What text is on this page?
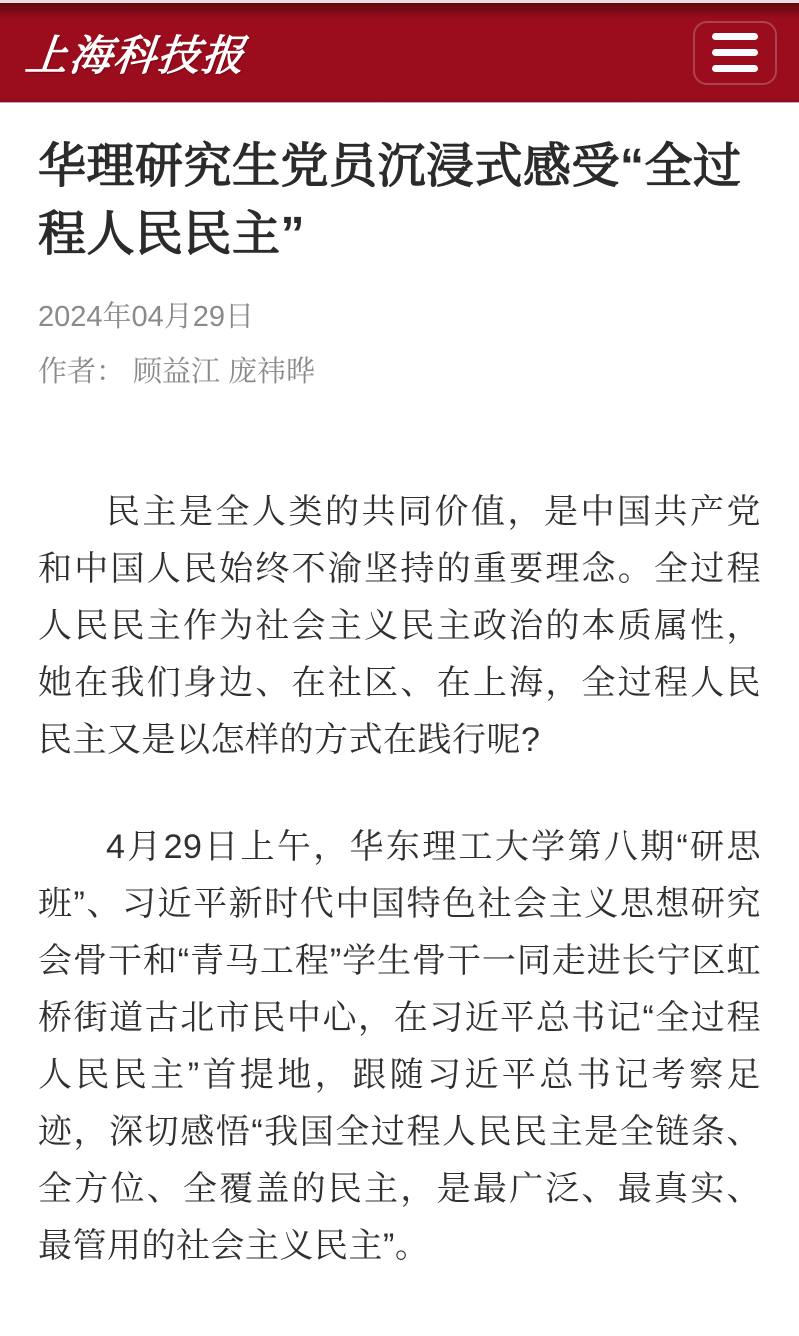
上海科技报
华理研究生党员沉浸式感受“全过程人民民主”
2024年04月29日
作者： 顾益江 庞祎晔

民主是全人类的共同价值，是中国共产党和中国人民始终不渝坚持的重要理念。全过程人民民主作为社会主义民主政治的本质属性，她在我们身边、在社区、在上海，全过程人民民主又是以怎样的方式在践行呢?

4月29日上午，华东理工大学第八期“研思班”、习近平新时代中国特色社会主义思想研究会骨干和“青马工程”学生骨干一同走进长宁区虹桥街道古北市民中心，在习近平总书记“全过程人民民主”首提地，跟随习近平总书记考察足迹，深切感悟“我国全过程人民民主是全链条、全方位、全覆盖的民主，是最广泛、最真实、最管用的社会主义民主”。
